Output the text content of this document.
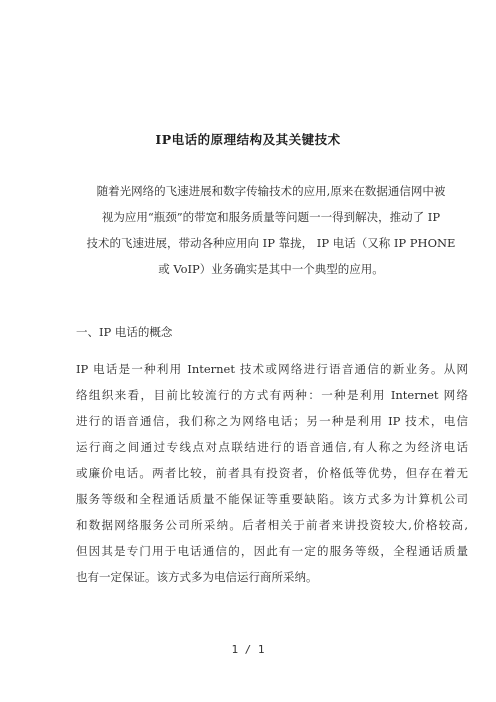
IP电话的原理结构及其关键技术
随着光网络的飞速进展和数字传输技术的应用,原来在数据通信网中被
视为应用“瓶颈”的带宽和服务质量等问题一一得到解决，推动了 IP
技术的飞速进展，带动各种应用向 IP 靠拢， IP 电话（又称 IP PHONE
或 VoIP）业务确实是其中一个典型的应用。
一、IP 电话的概念
IP 电话是一种利用 Internet 技术或网络进行语音通信的新业务。从网
络组织来看，目前比较流行的方式有两种：一种是利用 Internet 网络
进行的语音通信，我们称之为网络电话；另一种是利用 IP 技术，电信
运行商之间通过专线点对点联结进行的语音通信,有人称之为经济电话
或廉价电话。两者比较，前者具有投资者，价格低等优势，但存在着无
服务等级和全程通话质量不能保证等重要缺陷。该方式多为计算机公司
和数据网络服务公司所采纳。后者相关于前者来讲投资较大,价格较高,
但因其是专门用于电话通信的，因此有一定的服务等级，全程通话质量
也有一定保证。该方式多为电信运行商所采纳。
1 / 1
